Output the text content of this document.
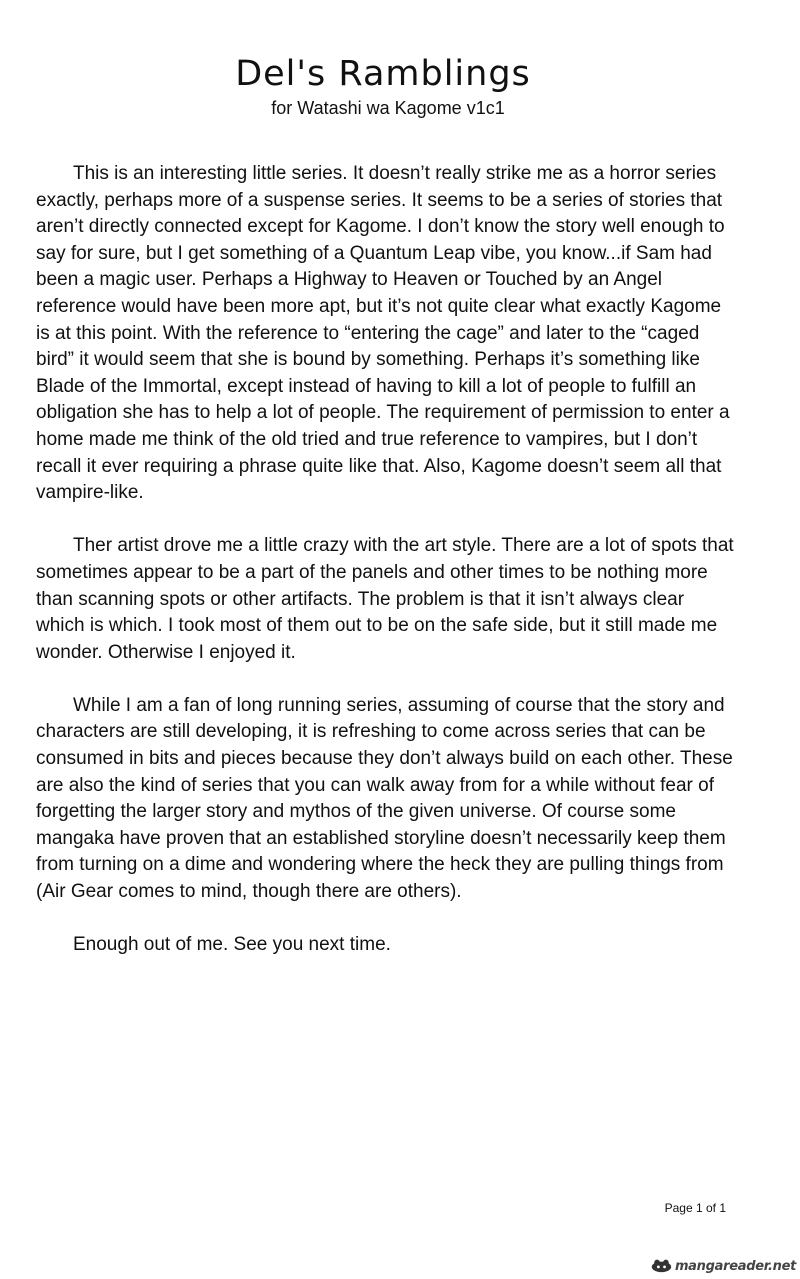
Del's Ramblings
for Watashi wa Kagome v1c1

This is an interesting little series. It doesn’t really strike me as a horror series exactly, perhaps more of a suspense series. It seems to be a series of stories that aren’t directly connected except for Kagome. I don’t know the story well enough to say for sure, but I get something of a Quantum Leap vibe, you know...if Sam had been a magic user. Perhaps a Highway to Heaven or Touched by an Angel reference would have been more apt, but it’s not quite clear what exactly Kagome is at this point. With the reference to “entering the cage” and later to the “caged bird” it would seem that she is bound by something. Perhaps it’s something like Blade of the Immortal, except instead of having to kill a lot of people to fulfill an obligation she has to help a lot of people. The requirement of permission to enter a home made me think of the old tried and true reference to vampires, but I don’t recall it ever requiring a phrase quite like that. Also, Kagome doesn’t seem all that vampire-like.

Ther artist drove me a little crazy with the art style. There are a lot of spots that sometimes appear to be a part of the panels and other times to be nothing more than scanning spots or other artifacts. The problem is that it isn’t always clear which is which. I took most of them out to be on the safe side, but it still made me wonder. Otherwise I enjoyed it.

While I am a fan of long running series, assuming of course that the story and characters are still developing, it is refreshing to come across series that can be consumed in bits and pieces because they don’t always build on each other. These are also the kind of series that you can walk away from for a while without fear of forgetting the larger story and mythos of the given universe. Of course some mangaka have proven that an established storyline doesn’t necessarily keep them from turning on a dime and wondering where the heck they are pulling things from (Air Gear comes to mind, though there are others).

Enough out of me. See you next time.

Page 1 of 1
mangareader.net
